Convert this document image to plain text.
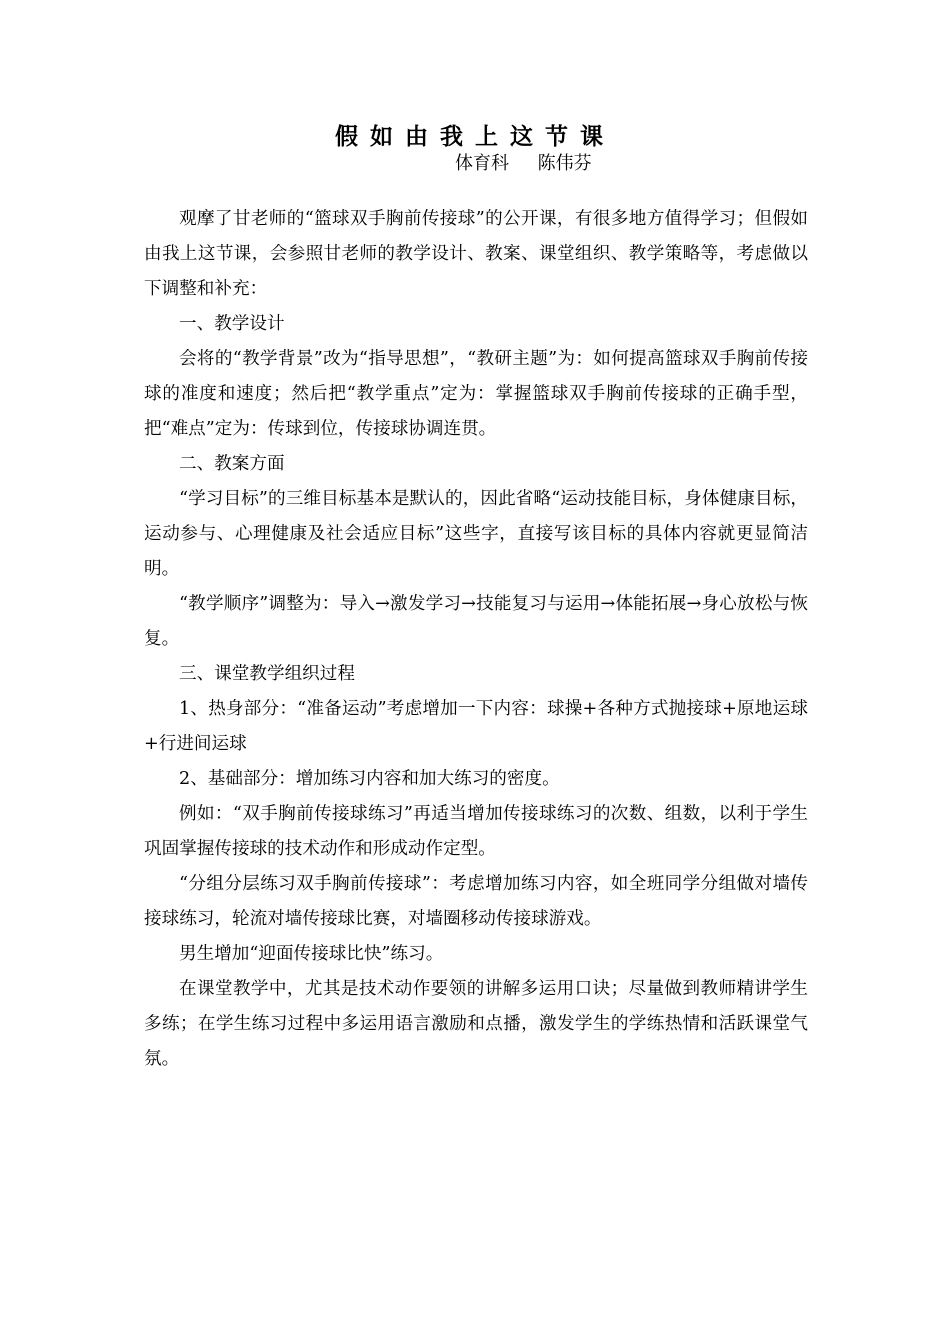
假如由我上这节课
体育科     陈伟芬

观摩了甘老师的“篮球双手胸前传接球”的公开课，有很多地方值得学习；但假如由我上这节课，会参照甘老师的教学设计、教案、课堂组织、教学策略等，考虑做以下调整和补充：

一、教学设计

会将的“教学背景”改为“指导思想”，“教研主题”为：如何提高篮球双手胸前传接球的准度和速度；然后把“教学重点”定为：掌握篮球双手胸前传接球的正确手型，把“难点”定为：传球到位，传接球协调连贯。

二、教案方面

“学习目标”的三维目标基本是默认的，因此省略“运动技能目标，身体健康目标，运动参与、心理健康及社会适应目标”这些字，直接写该目标的具体内容就更显简洁明。

“教学顺序”调整为：导入→激发学习→技能复习与运用→体能拓展→身心放松与恢复。

三、课堂教学组织过程

1、热身部分：“准备运动”考虑增加一下内容：球操+各种方式抛接球+原地运球+行进间运球

2、基础部分：增加练习内容和加大练习的密度。

例如：“双手胸前传接球练习”再适当增加传接球练习的次数、组数，以利于学生巩固掌握传接球的技术动作和形成动作定型。

“分组分层练习双手胸前传接球”：考虑增加练习内容，如全班同学分组做对墙传接球练习，轮流对墙传接球比赛，对墙圈移动传接球游戏。

男生增加“迎面传接球比快”练习。

在课堂教学中，尤其是技术动作要领的讲解多运用口诀；尽量做到教师精讲学生多练；在学生练习过程中多运用语言激励和点播，激发学生的学练热情和活跃课堂气氛。
